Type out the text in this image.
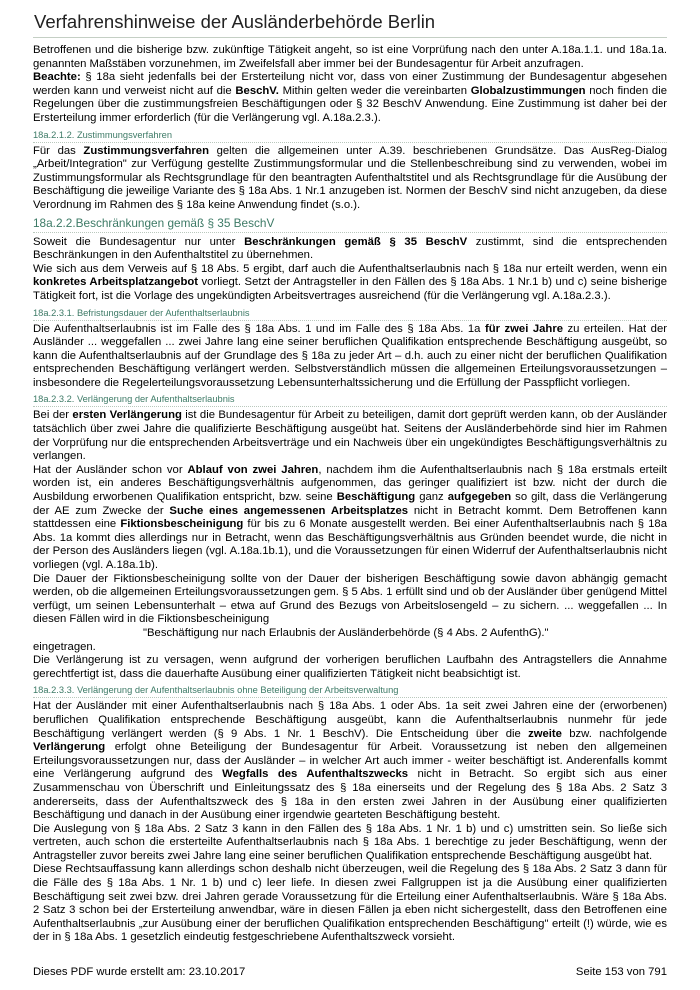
Verfahrenshinweise der Ausländerbehörde Berlin

Betroffenen und die bisherige bzw. zukünftige Tätigkeit angeht, so ist eine Vorprüfung nach den unter A.18a.1.1. und 18a.1a. genannten Maßstäben vorzunehmen, im Zweifelsfall aber immer bei der Bundesagentur für Arbeit anzufragen.

Beachte: § 18a sieht jedenfalls bei der Ersterteilung nicht vor, dass von einer Zustimmung der Bundesagentur abgesehen werden kann und verweist nicht auf die BeschV. Mithin gelten weder die vereinbarten Globalzustimmungen noch finden die Regelungen über die zustimmungsfreien Beschäftigungen oder § 32 BeschV Anwendung. Eine Zustimmung ist daher bei der Ersterteilung immer erforderlich (für die Verlängerung vgl. A.18a.2.3.).

18a.2.1.2. Zustimmungsverfahren

Für das Zustimmungsverfahren gelten die allgemeinen unter A.39. beschriebenen Grundsätze. Das AusReg-Dialog „Arbeit/Integration" zur Verfügung gestellte Zustimmungsformular und die Stellenbeschreibung sind zu verwenden, wobei im Zustimmungsformular als Rechtsgrundlage für den beantragten Aufenthaltstitel und als Rechtsgrundlage für die Ausübung der Beschäftigung die jeweilige Variante des § 18a Abs. 1 Nr.1 anzugeben ist. Normen der BeschV sind nicht anzugeben, da diese Verordnung im Rahmen des § 18a keine Anwendung findet (s.o.).

18a.2.2.Beschränkungen gemäß § 35 BeschV

Soweit die Bundesagentur nur unter Beschränkungen gemäß § 35 BeschV zustimmt, sind die entsprechenden Beschränkungen in den Aufenthaltstitel zu übernehmen.

Wie sich aus dem Verweis auf § 18 Abs. 5 ergibt, darf auch die Aufenthaltserlaubnis nach § 18a nur erteilt werden, wenn ein konkretes Arbeitsplatzangebot vorliegt. Setzt der Antragsteller in den Fällen des § 18a Abs. 1 Nr.1 b) und c) seine bisherige Tätigkeit fort, ist die Vorlage des ungekündigten Arbeitsvertrages ausreichend (für die Verlängerung vgl. A.18a.2.3.).

18a.2.3.1. Befristungsdauer der Aufenthaltserlaubnis

Die Aufenthaltserlaubnis ist im Falle des § 18a Abs. 1 und im Falle des § 18a Abs. 1a für zwei Jahre zu erteilen. Hat der Ausländer ... weggefallen ... zwei Jahre lang eine seiner beruflichen Qualifikation entsprechende Beschäftigung ausgeübt, so kann die Aufenthaltserlaubnis auf der Grundlage des § 18a zu jeder Art – d.h. auch zu einer nicht der beruflichen Qualifikation entsprechenden Beschäftigung verlängert werden. Selbstverständlich müssen die allgemeinen Erteilungsvoraussetzungen – insbesondere die Regelerteilungsvoraussetzung Lebensunterhaltssicherung und die Erfüllung der Passpflicht vorliegen.

18a.2.3.2. Verlängerung der Aufenthaltserlaubnis

Bei der ersten Verlängerung ist die Bundesagentur für Arbeit zu beteiligen, damit dort geprüft werden kann, ob der Ausländer tatsächlich über zwei Jahre die qualifizierte Beschäftigung ausgeübt hat. Seitens der Ausländerbehörde sind hier im Rahmen der Vorprüfung nur die entsprechenden Arbeitsverträge und ein Nachweis über ein ungekündigtes Beschäftigungsverhältnis zu verlangen.

Hat der Ausländer schon vor Ablauf von zwei Jahren, nachdem ihm die Aufenthaltserlaubnis nach § 18a erstmals erteilt worden ist, ein anderes Beschäftigungsverhältnis aufgenommen, das geringer qualifiziert ist bzw. nicht der durch die Ausbildung erworbenen Qualifikation entspricht, bzw. seine Beschäftigung ganz aufgegeben so gilt, dass die Verlängerung der AE zum Zwecke der Suche eines angemessenen Arbeitsplatzes nicht in Betracht kommt. Dem Betroffenen kann stattdessen eine Fiktionsbescheinigung für bis zu 6 Monate ausgestellt werden. Bei einer Aufenthaltserlaubnis nach § 18a Abs. 1a kommt dies allerdings nur in Betracht, wenn das Beschäftigungsverhältnis aus Gründen beendet wurde, die nicht in der Person des Ausländers liegen (vgl. A.18a.1b.1), und die Voraussetzungen für einen Widerruf der Aufenthaltserlaubnis nicht vorliegen (vgl. A.18a.1b).

Die Dauer der Fiktionsbescheinigung sollte von der Dauer der bisherigen Beschäftigung sowie davon abhängig gemacht werden, ob die allgemeinen Erteilungsvoraussetzungen gem. § 5 Abs. 1 erfüllt sind und ob der Ausländer über genügend Mittel verfügt, um seinen Lebensunterhalt – etwa auf Grund des Bezugs von Arbeitslosengeld – zu sichern. ... weggefallen ... In diesen Fällen wird in die Fiktionsbescheinigung

"Beschäftigung nur nach Erlaubnis der Ausländerbehörde (§ 4 Abs. 2 AufenthG)."

eingetragen.

Die Verlängerung ist zu versagen, wenn aufgrund der vorherigen beruflichen Laufbahn des Antragstellers die Annahme gerechtfertigt ist, dass die dauerhafte Ausübung einer qualifizierten Tätigkeit nicht beabsichtigt ist.

18a.2.3.3. Verlängerung der Aufenthaltserlaubnis ohne Beteiligung der Arbeitsverwaltung

Hat der Ausländer mit einer Aufenthaltserlaubnis nach § 18a Abs. 1 oder Abs. 1a seit zwei Jahren eine der (erworbenen) beruflichen Qualifikation entsprechende Beschäftigung ausgeübt, kann die Aufenthaltserlaubnis nunmehr für jede Beschäftigung verlängert werden (§ 9 Abs. 1 Nr. 1 BeschV). Die Entscheidung über die zweite bzw. nachfolgende Verlängerung erfolgt ohne Beteiligung der Bundesagentur für Arbeit. Voraussetzung ist neben den allgemeinen Erteilungsvoraussetzungen nur, dass der Ausländer – in welcher Art auch immer - weiter beschäftigt ist. Anderenfalls kommt eine Verlängerung aufgrund des Wegfalls des Aufenthaltszwecks nicht in Betracht. So ergibt sich aus einer Zusammenschau von Überschrift und Einleitungssatz des § 18a einerseits und der Regelung des § 18a Abs. 2 Satz 3 andererseits, dass der Aufenthaltszweck des § 18a in den ersten zwei Jahren in der Ausübung einer qualifizierten Beschäftigung und danach in der Ausübung einer irgendwie gearteten Beschäftigung besteht.

Die Auslegung von § 18a Abs. 2 Satz 3 kann in den Fällen des § 18a Abs. 1 Nr. 1 b) und c) umstritten sein. So ließe sich vertreten, auch schon die ersterteilte Aufenthaltserlaubnis nach § 18a Abs. 1 berechtige zu jeder Beschäftigung, wenn der Antragsteller zuvor bereits zwei Jahre lang eine seiner beruflichen Qualifikation entsprechende Beschäftigung ausgeübt hat.

Diese Rechtsauffassung kann allerdings schon deshalb nicht überzeugen, weil die Regelung des § 18a Abs. 2 Satz 3 dann für die Fälle des § 18a Abs. 1 Nr. 1 b) und c) leer liefe. In diesen zwei Fallgruppen ist ja die Ausübung einer qualifizierten Beschäftigung seit zwei bzw. drei Jahren gerade Voraussetzung für die Erteilung einer Aufenthaltserlaubnis. Wäre § 18a Abs. 2 Satz 3 schon bei der Ersterteilung anwendbar, wäre in diesen Fällen ja eben nicht sichergestellt, dass den Betroffenen eine Aufenthaltserlaubnis „zur Ausübung einer der beruflichen Qualifikation entsprechenden Beschäftigung" erteilt (!) würde, wie es der in § 18a Abs. 1 gesetzlich eindeutig festgeschriebene Aufenthaltszweck vorsieht.

Dieses PDF wurde erstellt am: 23.10.2017	Seite 153 von 791
